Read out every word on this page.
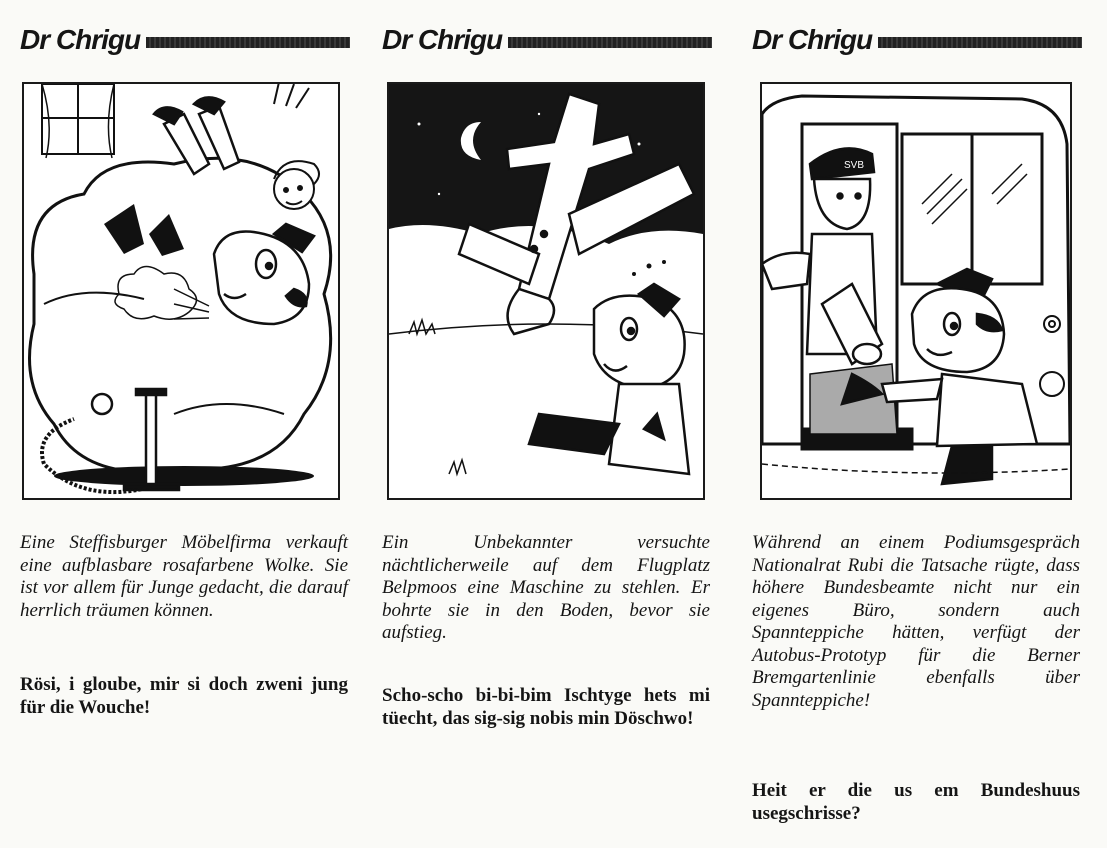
Dr Chrigu
Eine Steffisburger Möbelfirma verkauft eine aufblasbare rosafarbene Wolke. Sie ist vor allem für Junge gedacht, die darauf herrlich träumen können.
Rösi, i gloube, mir si doch zweni jung für die Wouche!
Dr Chrigu
Ein Unbekannter versuchte nächtlicherweile auf dem Flugplatz Belpmoos eine Maschine zu stehlen. Er bohrte sie in den Boden, bevor sie aufstieg.
Scho-scho bi-bi-bim Ischtyge hets mi tüecht, das sig-sig nobis min Döschwo!
Dr Chrigu
SVB
Während an einem Podiumsgespräch Nationalrat Rubi die Tatsache rügte, dass höhere Bundesbeamte nicht nur ein eigenes Büro, sondern auch Spannteppiche hätten, verfügt der Autobus-Prototyp für die Berner Bremgartenlinie ebenfalls über Spannteppiche!
Heit er die us em Bundeshuus usegschrisse?
